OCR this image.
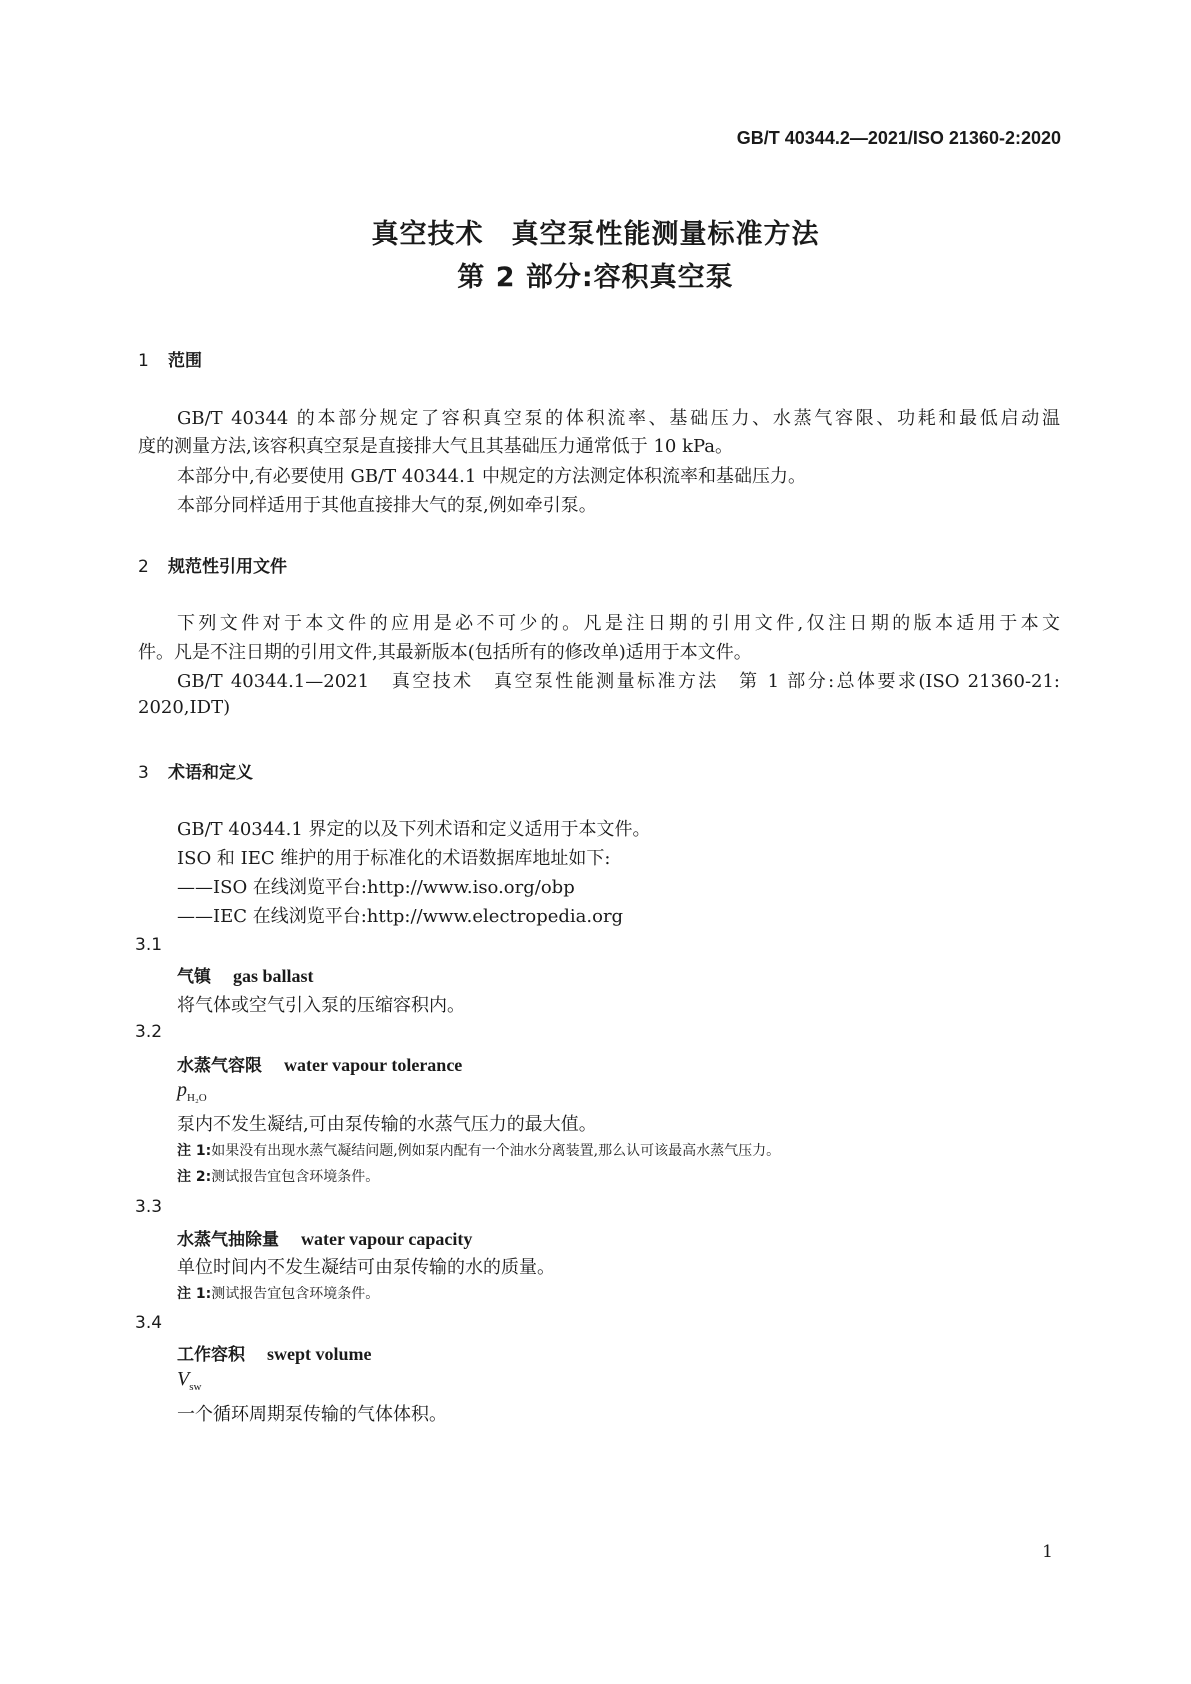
GB/T 40344.2—2021/ISO 21360-2:2020
真空技术　真空泵性能测量标准方法
第 2 部分:容积真空泵
1 范围
GB/T 40344 的本部分规定了容积真空泵的体积流率、基础压力、水蒸气容限、功耗和最低启动温
度的测量方法,该容积真空泵是直接排大气且其基础压力通常低于 10 kPa。
本部分中,有必要使用 GB/T 40344.1 中规定的方法测定体积流率和基础压力。
本部分同样适用于其他直接排大气的泵,例如牵引泵。
2 规范性引用文件
下列文件对于本文件的应用是必不可少的。凡是注日期的引用文件,仅注日期的版本适用于本文
件。凡是不注日期的引用文件,其最新版本(包括所有的修改单)适用于本文件。
GB/T 40344.1—2021　真空技术　真空泵性能测量标准方法　第 1 部分:总体要求(ISO 21360-21:
2020,IDT)
3 术语和定义
GB/T 40344.1 界定的以及下列术语和定义适用于本文件。
ISO 和 IEC 维护的用于标准化的术语数据库地址如下:
——ISO 在线浏览平台:http://www.iso.org/obp
——IEC 在线浏览平台:http://www.electropedia.org
3.1
气镇 gas ballast
将气体或空气引入泵的压缩容积内。
3.2
水蒸气容限 water vapour tolerance
$p_{H_2O}$
泵内不发生凝结,可由泵传输的水蒸气压力的最大值。
注 1:如果没有出现水蒸气凝结问题,例如泵内配有一个油水分离装置,那么认可该最高水蒸气压力。
注 2:测试报告宜包含环境条件。
3.3
水蒸气抽除量 water vapour capacity
单位时间内不发生凝结可由泵传输的水的质量。
注 1:测试报告宜包含环境条件。
3.4
工作容积 swept volume
$V_{sw}$
一个循环周期泵传输的气体体积。
1
